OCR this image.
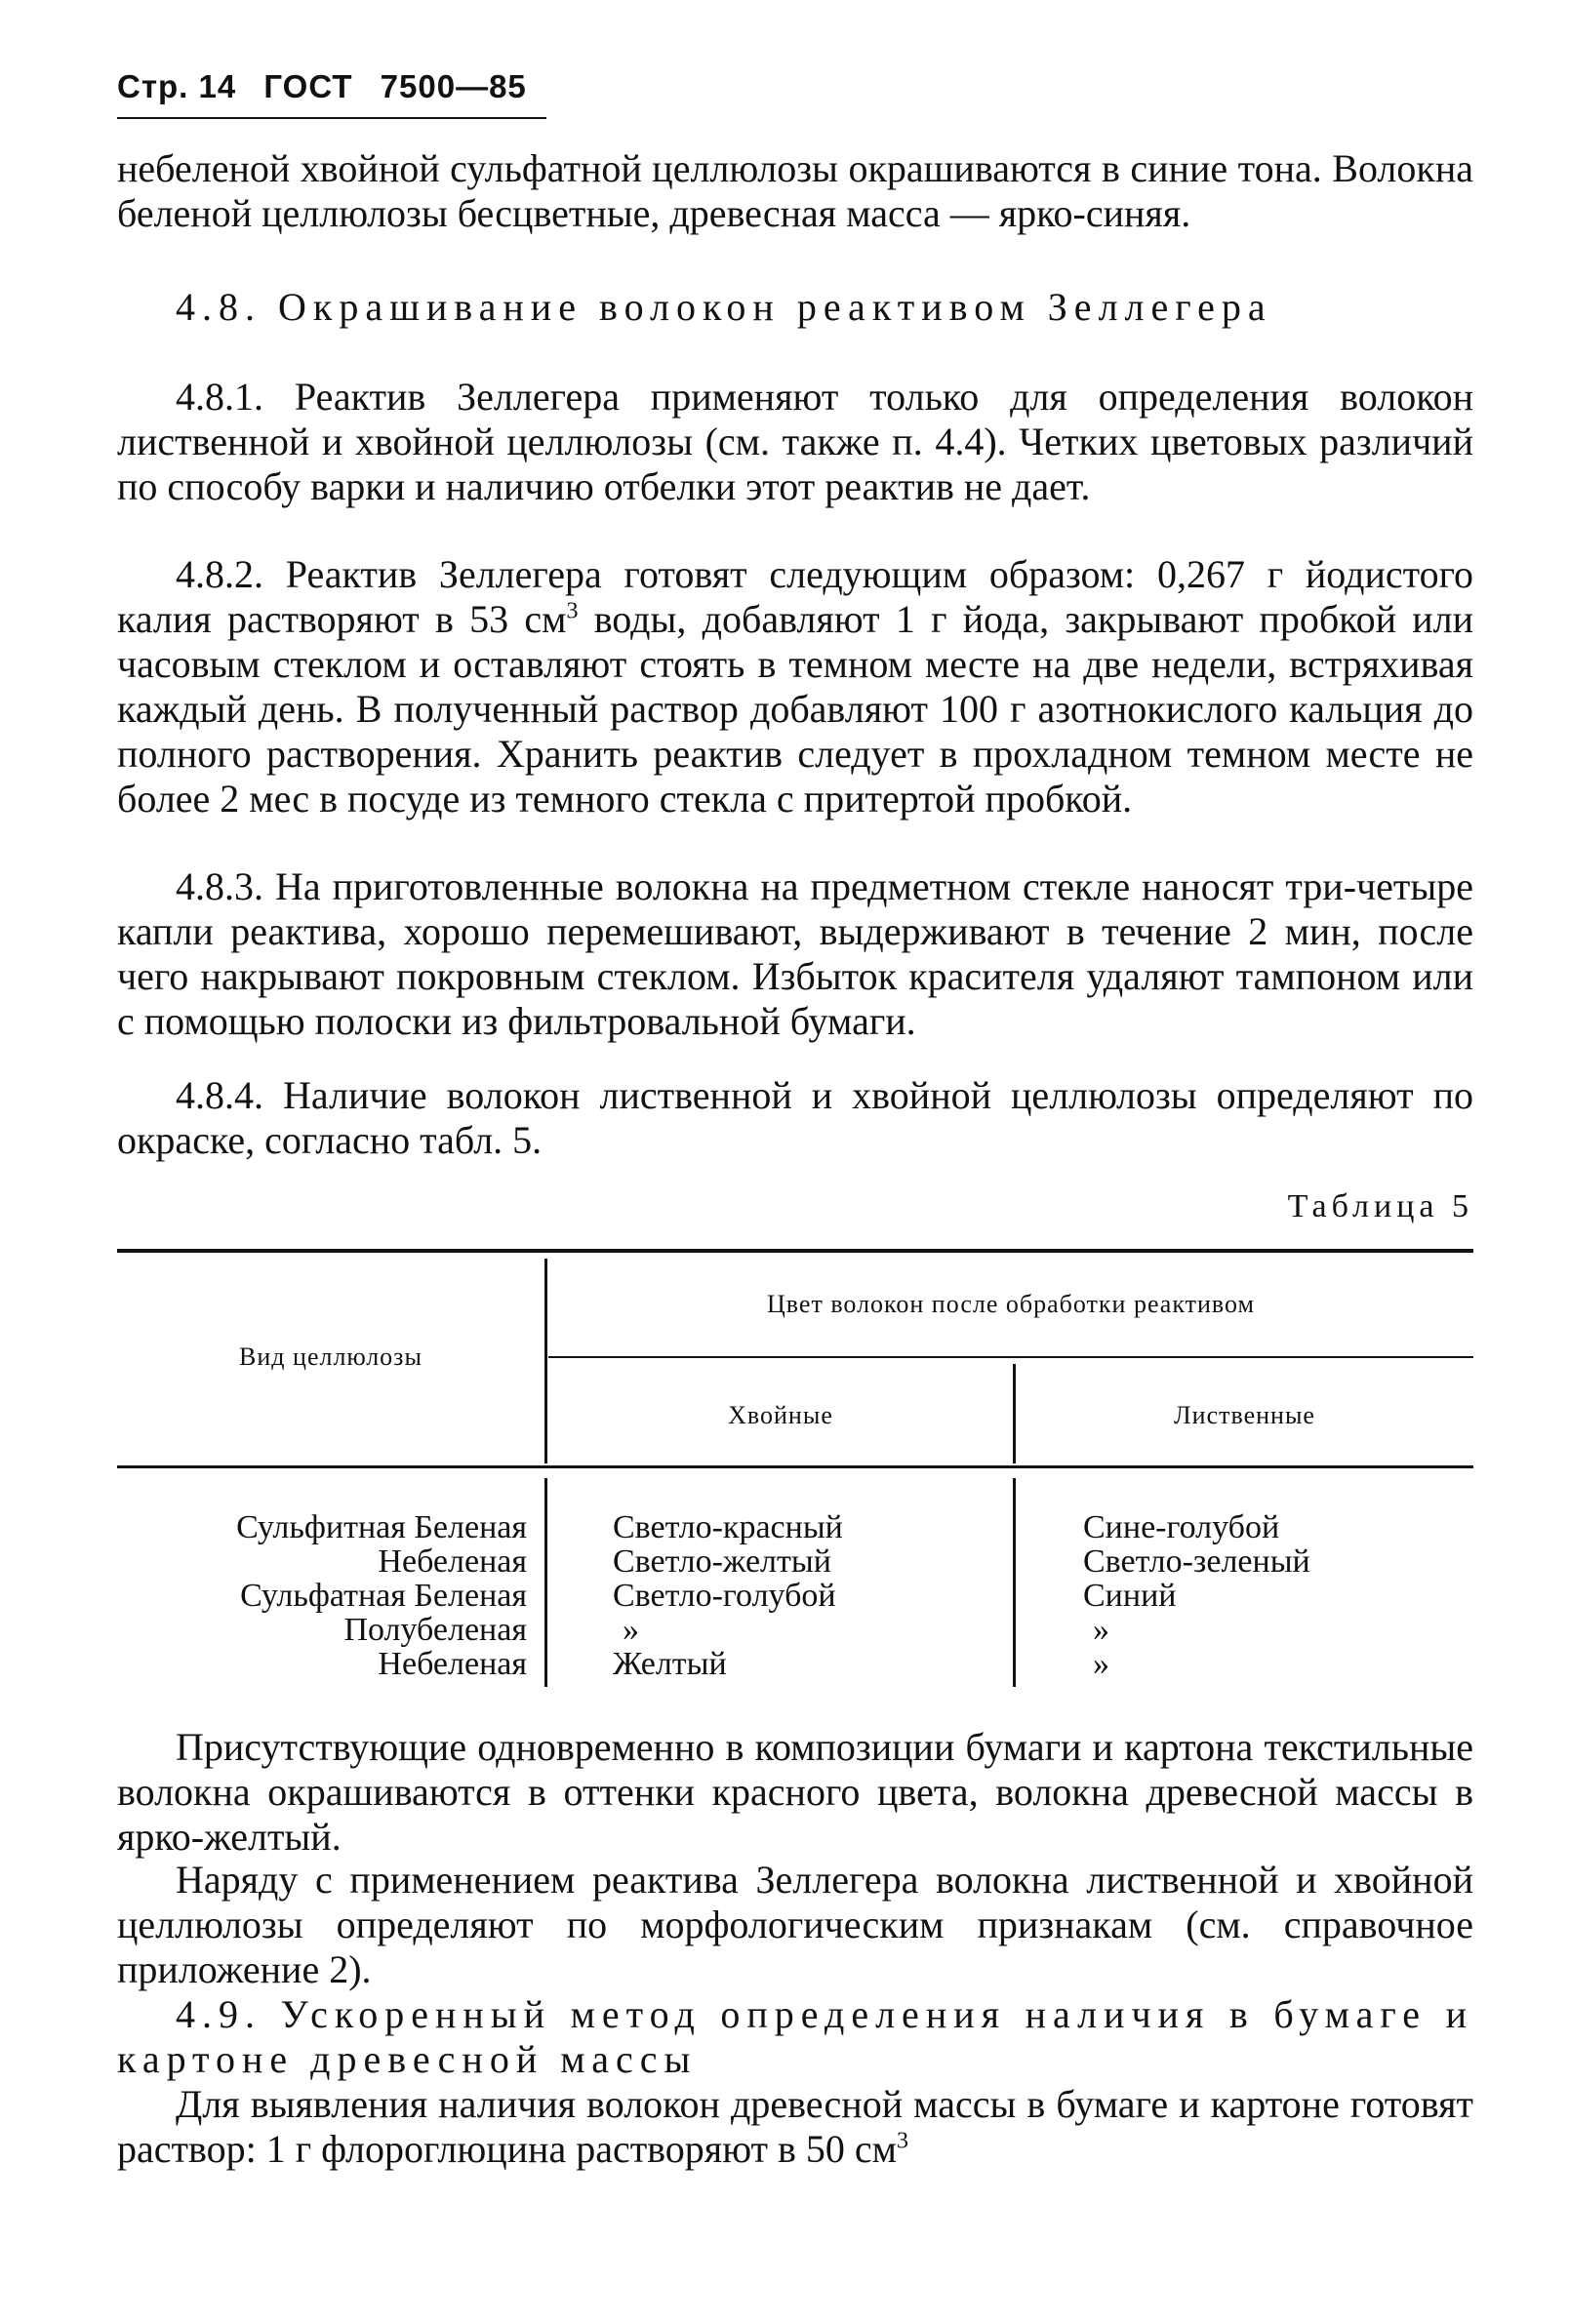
Стр. 14 ГОСТ 7500—85
небеленой хвойной сульфатной целлюлозы окрашиваются в синие тона. Волокна беленой целлюлозы бесцветные, древесная масса — ярко-синяя.
4.8. Окрашивание волокон реактивом Зеллегера
4.8.1. Реактив Зеллегера применяют только для определения волокон лиственной и хвойной целлюлозы (см. также п. 4.4). Четких цветовых различий по способу варки и наличию отбелки этот реактив не дает.
4.8.2. Реактив Зеллегера готовят следующим образом: 0,267 г йодистого калия растворяют в 53 $см^3$ воды, добавляют 1 г йода, закрывают пробкой или часовым стеклом и оставляют стоять в темном месте на две недели, встряхивая каждый день. В полученный раствор добавляют 100 г азотнокислого кальция до полного растворения. Хранить реактив следует в прохладном темном месте не более 2 мес в посуде из темного стекла с притертой пробкой.
4.8.3. На приготовленные волокна на предметном стекле наносят три-четыре капли реактива, хорошо перемешивают, выдерживают в течение 2 мин, после чего накрывают покровным стеклом. Избыток красителя удаляют тампоном или с помощью полоски из фильтровальной бумаги.
4.8.4. Наличие волокон лиственной и хвойной целлюлозы определяют по окраске, согласно табл. 5.
Таблица 5
Вид целлюлозы
Цвет волокон после обработки реактивом
Хвойные	Лиственные
Сульфитная Беленая	Светло-красный	Сине-голубой
Небеленая	Светло-желтый	Светло-зеленый
Сульфатная Беленая	Светло-голубой	Синий
Полубеленая	»	»
Небеленая	Желтый	»
Присутствующие одновременно в композиции бумаги и картона текстильные волокна окрашиваются в оттенки красного цвета, волокна древесной массы в ярко-желтый.
Наряду с применением реактива Зеллегера волокна лиственной и хвойной целлюлозы определяют по морфологическим признакам (см. справочное приложение 2).
4.9. Ускоренный метод определения наличия в бумаге и картоне древесной массы
Для выявления наличия волокон древесной массы в бумаге и картоне готовят раствор: 1 г флороглюцина растворяют в 50 $см^3$
